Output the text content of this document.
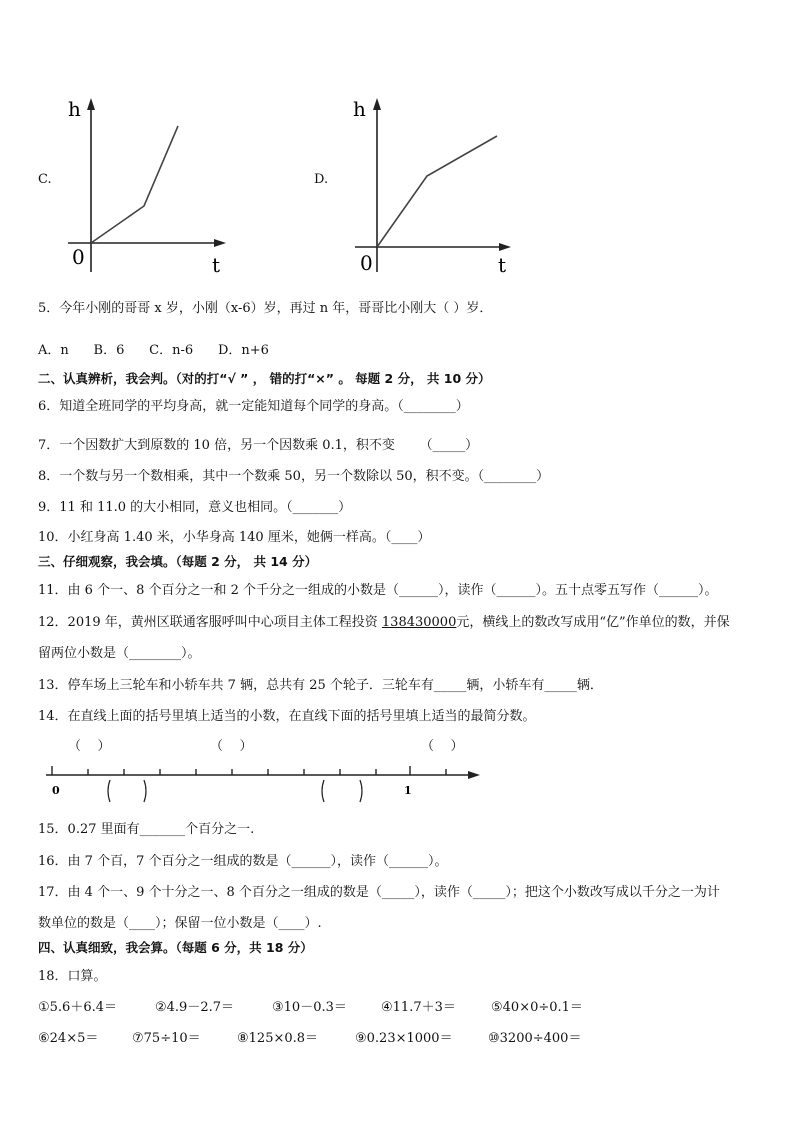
C.
h
t
0
D.
h
t
0
5．今年小刚的哥哥 x 岁，小刚（x-6）岁，再过 n 年，哥哥比小刚大（ ）岁．
A．n      B．6      C．n-6      D．n+6
二、认真辨析，我会判。（对的打“√ ” ， 错的打“×” 。 每题 2 分， 共 10 分）
6．知道全班同学的平均身高，就一定能知道每个同学的身高。（________）
7．一个因数扩大到原数的 10 倍，另一个因数乘 0.1，积不变      （_____）
8．一个数与另一个数相乘，其中一个数乘 50，另一个数除以 50，积不变。（________）
9．11 和 11.0 的大小相同，意义也相同。（_______）
10．小红身高 1.40 米，小华身高 140 厘米，她俩一样高。（____）
三、仔细观察，我会填。（每题 2 分， 共 14 分）
11．由 6 个一、8 个百分之一和 2 个千分之一组成的小数是（______），读作（______）。五十点零五写作（______）。
12．2019 年，黄州区联通客服呼叫中心项目主体工程投资 138430000元，横线上的数改写成用“亿”作单位的数，并保
留两位小数是（________）。
13．停车场上三轮车和小轿车共 7 辆，总共有 25 个轮子．三轮车有_____辆，小轿车有_____辆．
14．在直线上面的括号里填上适当的小数，在直线下面的括号里填上适当的最简分数。
（    ）	（    ）	（    ）
0	1
15．0.27 里面有_______个百分之一.
16．由 7 个百，7 个百分之一组成的数是（______），读作（______）。
17．由 4 个一、9 个十分之一、8 个百分之一组成的数是（_____），读作（_____）；把这个小数改写成以千分之一为计
数单位的数是（____）；保留一位小数是（____）.
四、认真细致，我会算。（每题 6 分，共 18 分）
18．口算。
①5.6＋6.4＝	②4.9－2.7＝	③10－0.3＝	④11.7＋3＝	⑤40×0÷0.1＝
⑥24×5＝	⑦75÷10＝	⑧125×0.8＝	⑨0.23×1000＝	⑩3200÷400＝
